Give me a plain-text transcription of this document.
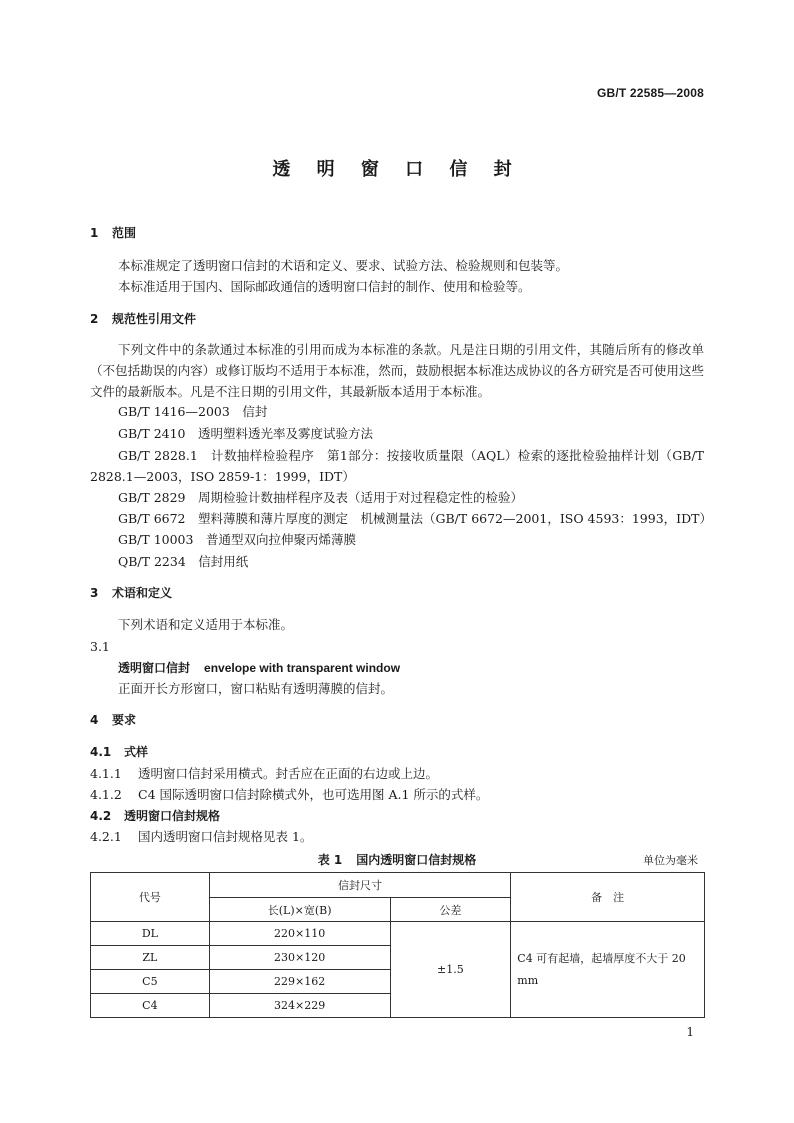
GB/T 22585—2008
透 明 窗 口 信 封
1 范围
本标准规定了透明窗口信封的术语和定义、要求、试验方法、检验规则和包装等。
本标准适用于国内、国际邮政通信的透明窗口信封的制作、使用和检验等。
2 规范性引用文件
下列文件中的条款通过本标准的引用而成为本标准的条款。凡是注日期的引用文件，其随后所有的修改单（不包括勘误的内容）或修订版均不适用于本标准，然而，鼓励根据本标准达成协议的各方研究是否可使用这些文件的最新版本。凡是不注日期的引用文件，其最新版本适用于本标准。
GB/T 1416—2003　信封
GB/T 2410　透明塑料透光率及雾度试验方法
GB/T 2828.1　计数抽样检验程序　第1部分：按接收质量限（AQL）检索的逐批检验抽样计划（GB/T 2828.1—2003，ISO 2859-1：1999，IDT）
GB/T 2829　周期检验计数抽样程序及表（适用于对过程稳定性的检验）
GB/T 6672　塑料薄膜和薄片厚度的测定　机械测量法（GB/T 6672—2001，ISO 4593：1993，IDT）
GB/T 10003　普通型双向拉伸聚丙烯薄膜
QB/T 2234　信封用纸
3 术语和定义
下列术语和定义适用于本标准。
3.1
透明窗口信封 envelope with transparent window
正面开长方形窗口，窗口粘贴有透明薄膜的信封。
4 要求
4.1 式样
4.1.1 透明窗口信封采用横式。封舌应在正面的右边或上边。
4.1.2 C4 国际透明窗口信封除横式外，也可选用图 A.1 所示的式样。
4.2 透明窗口信封规格
4.2.1 国内透明窗口信封规格见表 1。
表 1 国内透明窗口信封规格	单位为毫米
代号	信封尺寸		备　注
	长(L)×宽(B)	公差	
DL	220×110	±1.5	C4 可有起墙，起墙厚度不大于 20 mm
ZL	230×120		
C5	229×162		
C4	324×229		
1
